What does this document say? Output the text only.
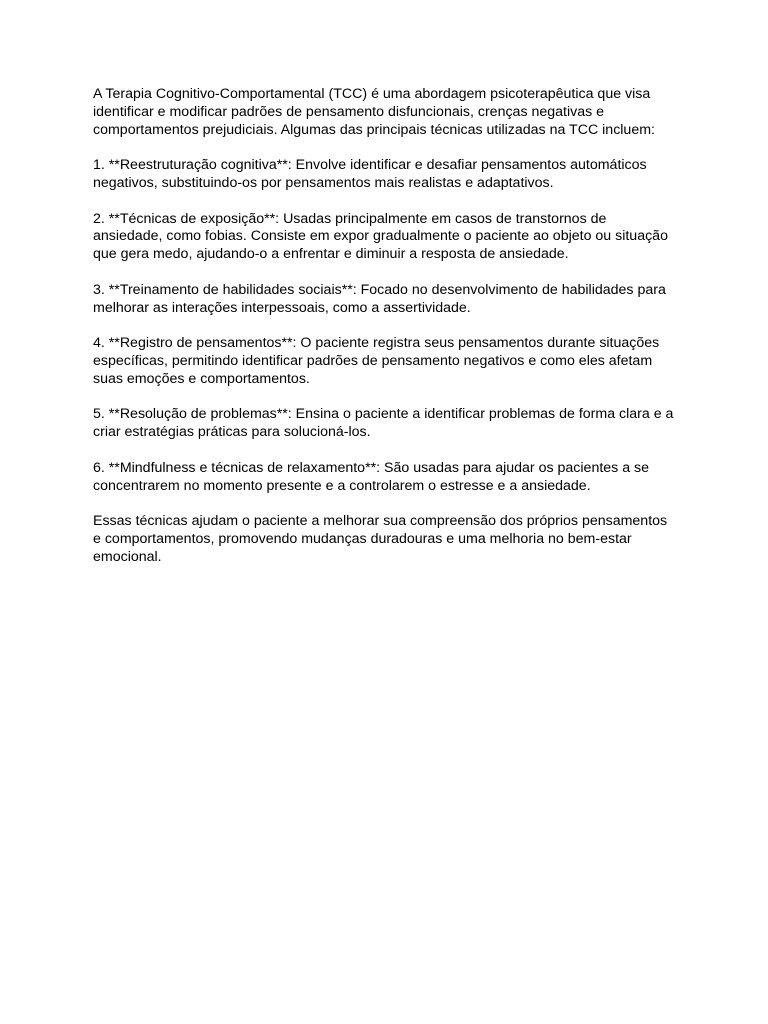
A Terapia Cognitivo-Comportamental (TCC) é uma abordagem psicoterapêutica que visa
identificar e modificar padrões de pensamento disfuncionais, crenças negativas e
comportamentos prejudiciais. Algumas das principais técnicas utilizadas na TCC incluem:

1. **Reestruturação cognitiva**: Envolve identificar e desafiar pensamentos automáticos
negativos, substituindo-os por pensamentos mais realistas e adaptativos.

2. **Técnicas de exposição**: Usadas principalmente em casos de transtornos de
ansiedade, como fobias. Consiste em expor gradualmente o paciente ao objeto ou situação
que gera medo, ajudando-o a enfrentar e diminuir a resposta de ansiedade.

3. **Treinamento de habilidades sociais**: Focado no desenvolvimento de habilidades para
melhorar as interações interpessoais, como a assertividade.

4. **Registro de pensamentos**: O paciente registra seus pensamentos durante situações
específicas, permitindo identificar padrões de pensamento negativos e como eles afetam
suas emoções e comportamentos.

5. **Resolução de problemas**: Ensina o paciente a identificar problemas de forma clara e a
criar estratégias práticas para solucioná-los.

6. **Mindfulness e técnicas de relaxamento**: São usadas para ajudar os pacientes a se
concentrarem no momento presente e a controlarem o estresse e a ansiedade.

Essas técnicas ajudam o paciente a melhorar sua compreensão dos próprios pensamentos
e comportamentos, promovendo mudanças duradouras e uma melhoria no bem-estar
emocional.
